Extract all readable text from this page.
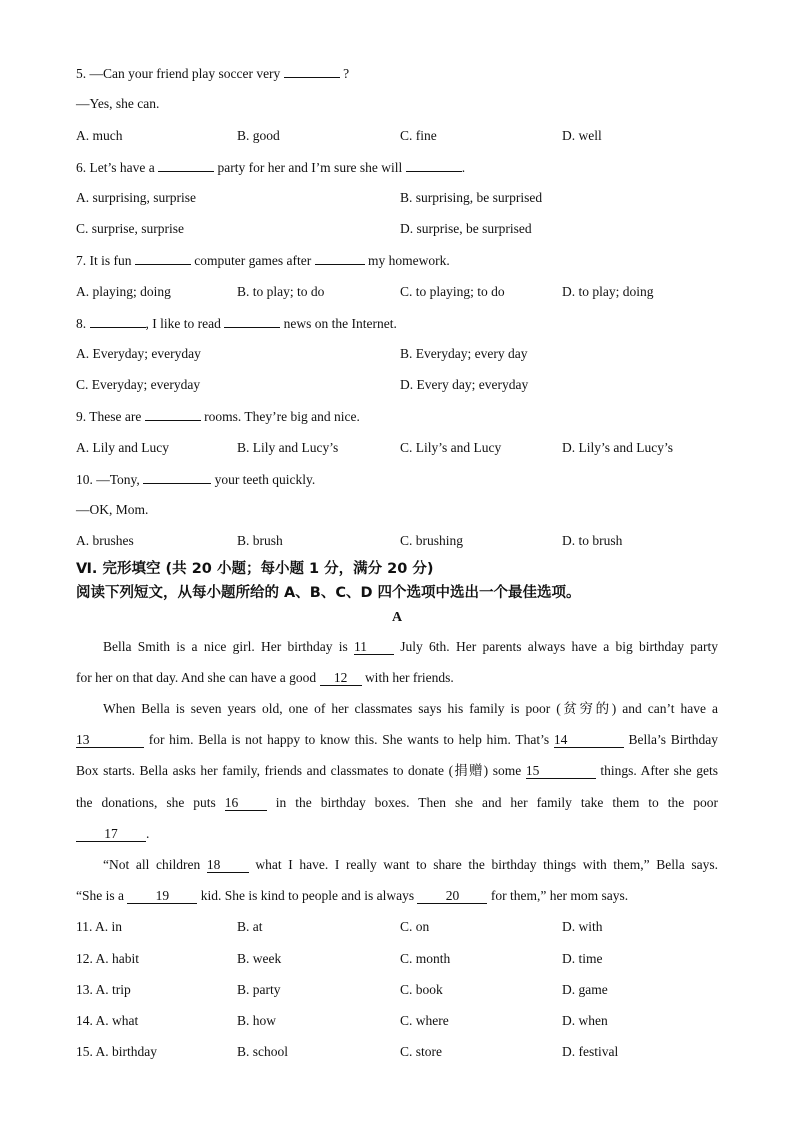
5. —Can your friend play soccer very	?
—Yes, she can.
A. much	B. good	C. fine	D. well
6. Let’s have a	party for her and I’m sure she will	.
A. surprising, surprise	B. surprising, be surprised
C. surprise, surprise	D. surprise, be surprised
7. It is fun	computer games after	my homework.
A. playing; doing	B. to play; to do	C. to playing; to do	D. to play; doing
8.	, I like to read	news on the Internet.
A. Everyday; everyday	B. Everyday; every day
C. Everyday; everyday	D. Every day; everyday
9. These are	rooms. They’re big and nice.
A. Lily and Lucy	B. Lily and Lucy’s	C. Lily’s and Lucy	D. Lily’s and Lucy’s
10. —Tony,	your teeth quickly.
—OK, Mom.
A. brushes	B. brush	C. brushing	D. to brush
Ⅵ. 完形填空 (共 20 小题；每小题 1 分，满分 20 分)
阅读下列短文，从每小题所给的 A、B、C、D 四个选项中选出一个最佳选项。
A
Bella Smith is a nice girl. Her birthday is 11 July 6th. Her parents always have a big birthday party
for her on that day. And she can have a good 12 with her friends.
When Bella is seven years old, one of her classmates says his family is poor (贫穷的) and can’t have a
13	for him. Bella is not happy to know this. She wants to help him. That’s 14	Bella’s Birthday
Box starts. Bella asks her family, friends and classmates to donate (捐赠) some 15	things. After she gets
the donations, she puts 16 in the birthday boxes. Then she and her family take them to the poor
17 .
“Not all children 18 what I have. I really want to share the birthday things with them,” Bella says.
“She is a 19 kid. She is kind to people and is always 20 for them,” her mom says.
11. A. in	B. at	C. on	D. with
12. A. habit	B. week	C. month	D. time
13. A. trip	B. party	C. book	D. game
14. A. what	B. how	C. where	D. when
15. A. birthday	B. school	C. store	D. festival
